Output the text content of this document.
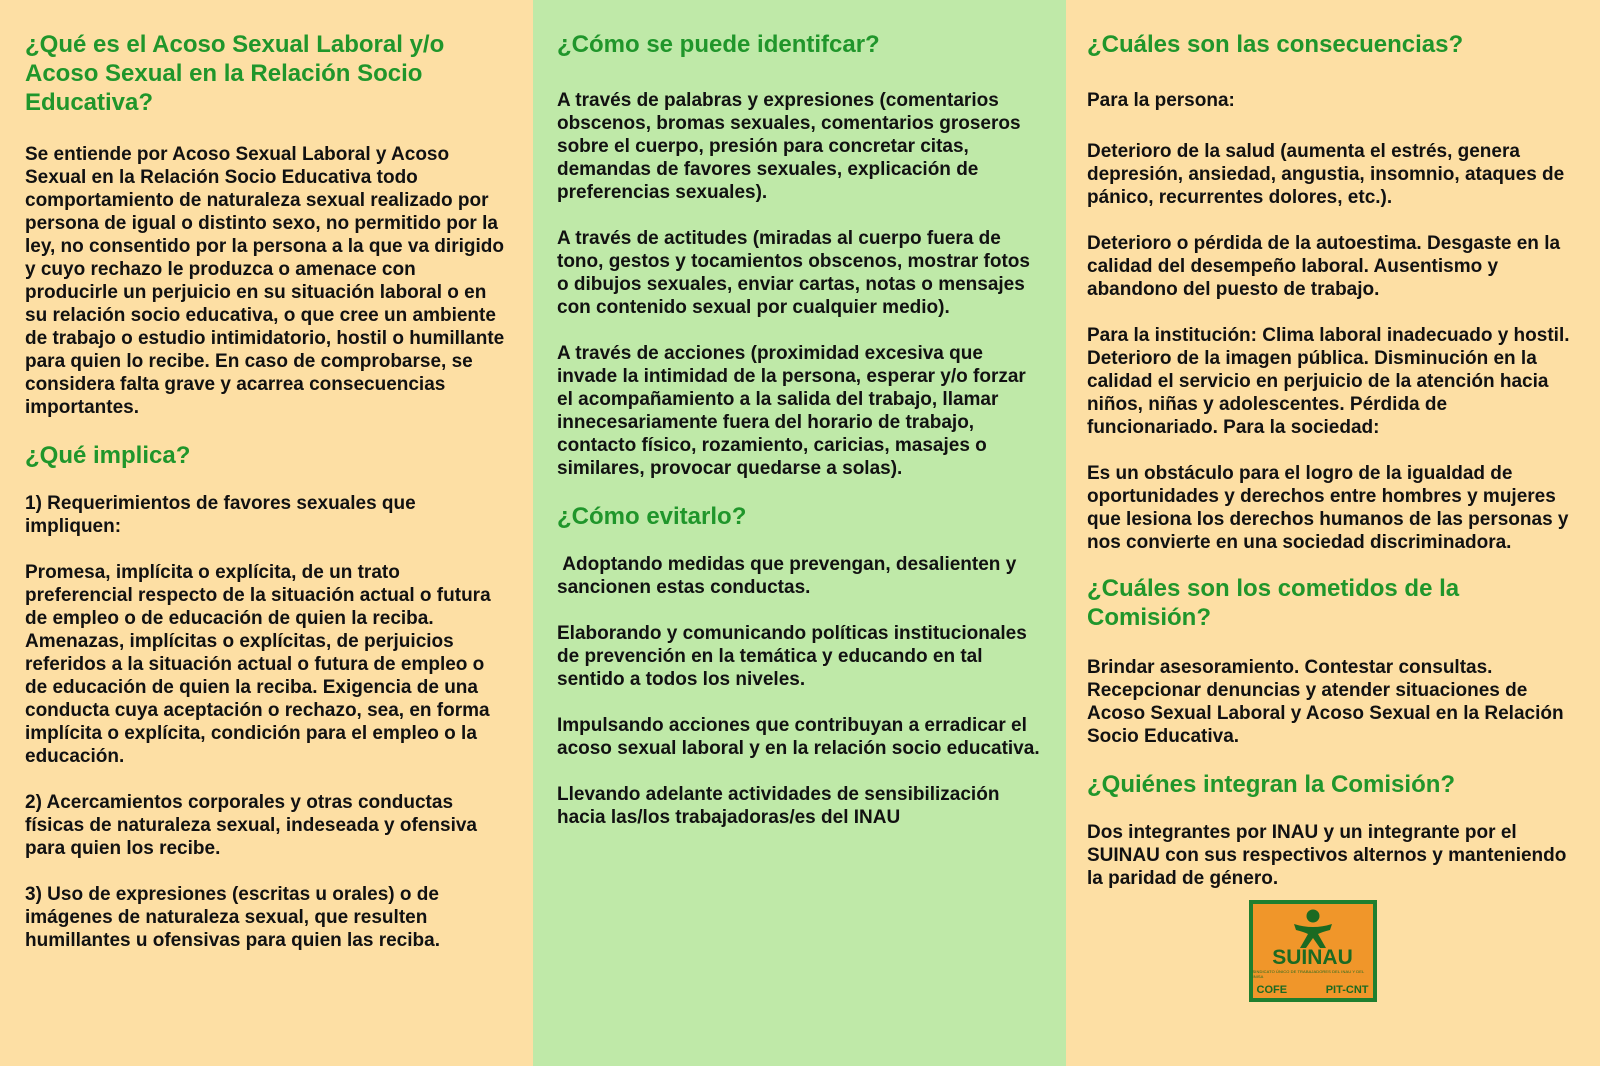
¿Qué es el Acoso Sexual Laboral y/o Acoso Sexual en la Relación Socio Educativa?

Se entiende por Acoso Sexual Laboral y Acoso Sexual en la Relación Socio Educativa todo comportamiento de naturaleza sexual realizado por persona de igual o distinto sexo, no permitido por la ley, no consentido por la persona a la que va dirigido y cuyo rechazo le produzca o amenace con producirle un perjuicio en su situación laboral o en su relación socio educativa, o que cree un ambiente de trabajo o estudio intimidatorio, hostil o humillante para quien lo recibe. En caso de comprobarse, se considera falta grave y acarrea consecuencias importantes.

¿Qué implica?

1) Requerimientos de favores sexuales que impliquen:

Promesa, implícita o explícita, de un trato preferencial respecto de la situación actual o futura de empleo o de educación de quien la reciba. Amenazas, implícitas o explícitas, de perjuicios referidos a la situación actual o futura de empleo o de educación de quien la reciba. Exigencia de una conducta cuya aceptación o rechazo, sea, en forma implícita o explícita, condición para el empleo o la educación.

2) Acercamientos corporales y otras conductas físicas de naturaleza sexual, indeseada y ofensiva para quien los recibe.

3) Uso de expresiones (escritas u orales) o de imágenes de naturaleza sexual, que resulten humillantes u ofensivas para quien las reciba.

¿Cómo se puede identifcar?

A través de palabras y expresiones (comentarios obscenos, bromas sexuales, comentarios groseros sobre el cuerpo, presión para concretar citas, demandas de favores sexuales, explicación de preferencias sexuales).

A través de actitudes (miradas al cuerpo fuera de tono, gestos y tocamientos obscenos, mostrar fotos o dibujos sexuales, enviar cartas, notas o mensajes con contenido sexual por cualquier medio).

A través de acciones (proximidad excesiva que invade la intimidad de la persona, esperar y/o forzar el acompañamiento a la salida del trabajo, llamar innecesariamente fuera del horario de trabajo, contacto físico, rozamiento, caricias, masajes o similares, provocar quedarse a solas).

¿Cómo evitarlo?

Adoptando medidas que prevengan, desalienten y sancionen estas conductas.

Elaborando y comunicando políticas institucionales de prevención en la temática y educando en tal sentido a todos los niveles.

Impulsando acciones que contribuyan a erradicar el acoso sexual laboral y en la relación socio educativa.

Llevando adelante actividades de sensibilización hacia las/los trabajadoras/es del INAU

¿Cuáles son las consecuencias?

Para la persona:

Deterioro de la salud (aumenta el estrés, genera depresión, ansiedad, angustia, insomnio, ataques de pánico, recurrentes dolores, etc.).

Deterioro o pérdida de la autoestima. Desgaste en la calidad del desempeño laboral. Ausentismo y abandono del puesto de trabajo.

Para la institución: Clima laboral inadecuado y hostil. Deterioro de la imagen pública. Disminución en la calidad el servicio en perjuicio de la atención hacia niños, niñas y adolescentes. Pérdida de funcionariado. Para la sociedad:

Es un obstáculo para el logro de la igualdad de oportunidades y derechos entre hombres y mujeres que lesiona los derechos humanos de las personas y nos convierte en una sociedad discriminadora.

¿Cuáles son los cometidos de la Comisión?

Brindar asesoramiento. Contestar consultas. Recepcionar denuncias y atender situaciones de Acoso Sexual Laboral y Acoso Sexual en la Relación Socio Educativa.

¿Quiénes integran la Comisión?

Dos integrantes por INAU y un integrante por el SUINAU con sus respectivos alternos y manteniendo la paridad de género.

SUINAU
SINDICATO ÚNICO DE TRABAJADORES DEL INAU Y DEL INISA
COFE	PIT-CNT
